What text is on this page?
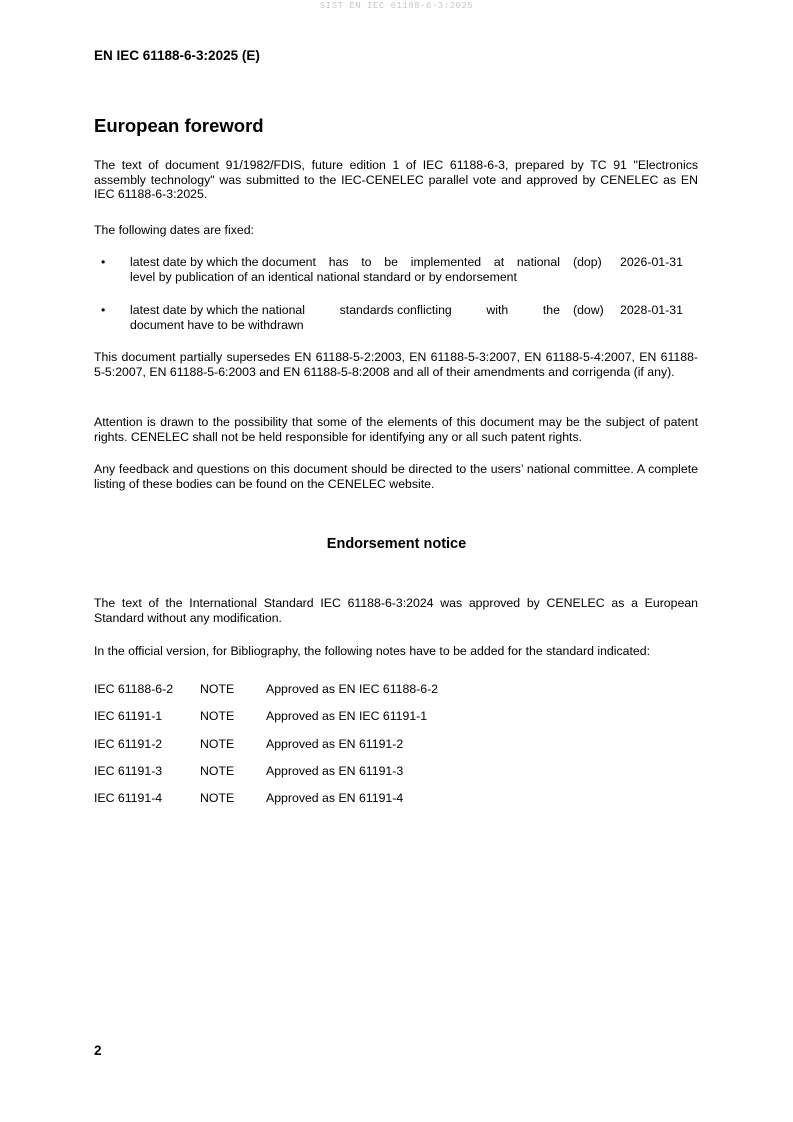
SIST EN IEC 61188-6-3:2025
EN IEC 61188-6-3:2025 (E)
European foreword
The text of document 91/1982/FDIS, future edition 1 of IEC 61188-6-3, prepared by TC 91 "Electronics assembly technology" was submitted to the IEC-CENELEC parallel vote and approved by CENELEC as EN IEC 61188-6-3:2025.
The following dates are fixed:
• latest date by which the document has to be implemented at national
level by publication of an identical national standard or by endorsement
(dop)	2026-01-31
• latest date by which the national	standards conflicting	with	the
document have to be withdrawn
(dow)	2028-01-31
This document partially supersedes EN 61188-5-2:2003, EN 61188-5-3:2007, EN 61188-5-4:2007, EN 61188-5-5:2007, EN 61188-5-6:2003 and EN 61188-5-8:2008 and all of their amendments and corrigenda (if any).
Attention is drawn to the possibility that some of the elements of this document may be the subject of patent rights. CENELEC shall not be held responsible for identifying any or all such patent rights.
Any feedback and questions on this document should be directed to the users’ national committee. A complete listing of these bodies can be found on the CENELEC website.
Endorsement notice
The text of the International Standard IEC 61188-6-3:2024 was approved by CENELEC as a European Standard without any modification.
In the official version, for Bibliography, the following notes have to be added for the standard indicated:
IEC 61188-6-2 NOTE	Approved as EN IEC 61188-6-2
IEC 61191-1	NOTE	Approved as EN IEC 61191-1
IEC 61191-2	NOTE	Approved as EN 61191-2
IEC 61191-3	NOTE	Approved as EN 61191-3
IEC 61191-4	NOTE	Approved as EN 61191-4
2
